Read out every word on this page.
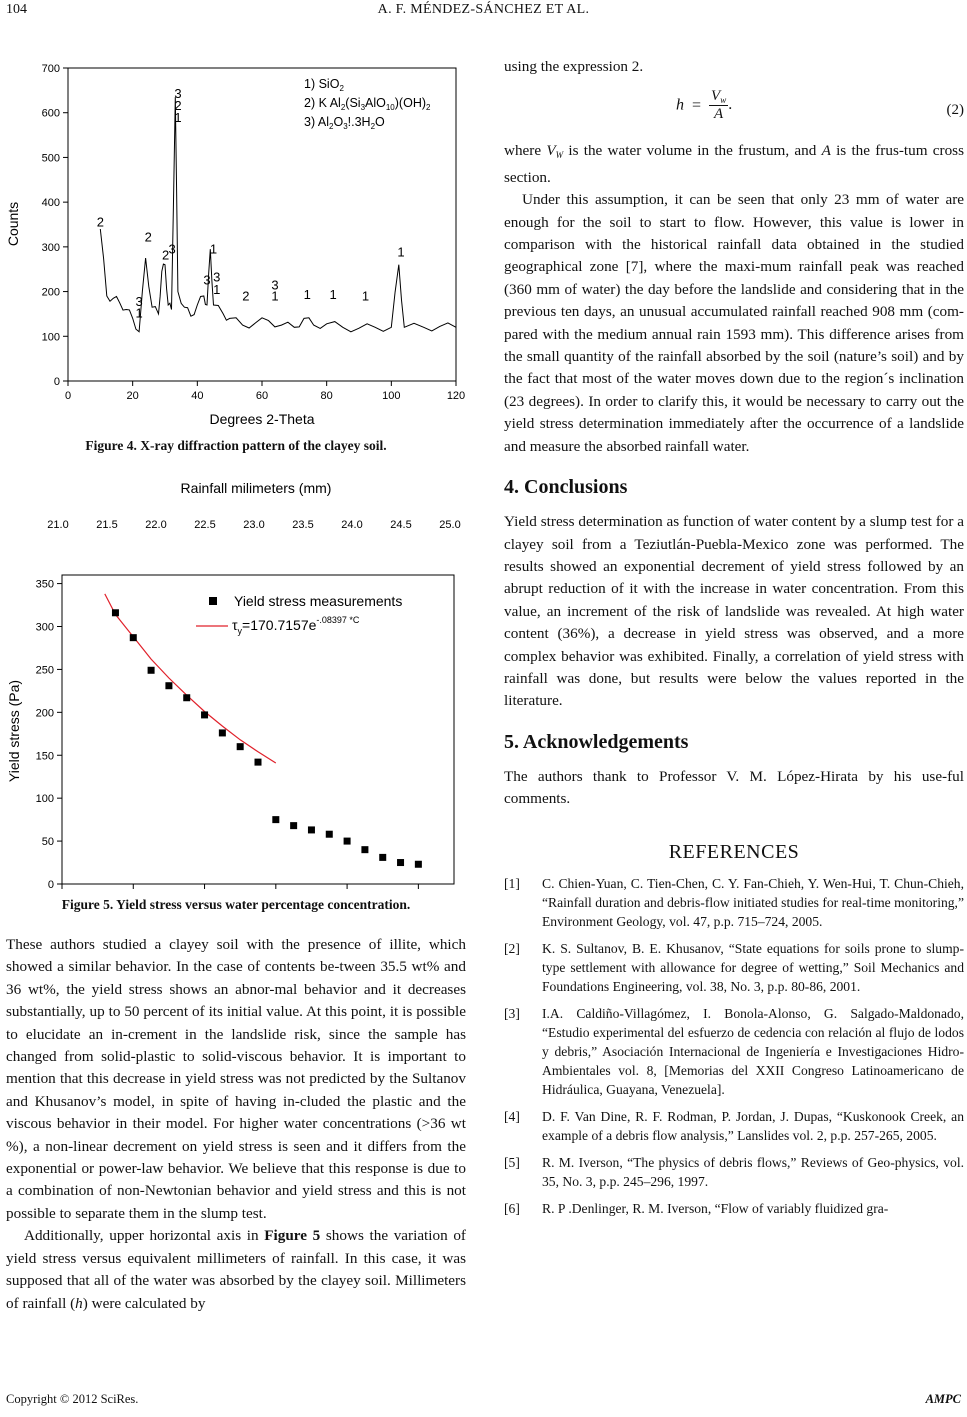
104	A. F. MÉNDEZ-SÁNCHEZ ET AL.
0
100
200
300
400
500
600
700
0	20	40	60	80	100	120
2
3
1
2
2 3
3
2
1
3
1
3
1 2
3
1 1 1 1
1
Counts
Degrees 2-Theta
1) SiO$_2$
2) K $Al_2(Si_3AlO_{10})(OH)_2$
3) $Al_2O_3!.3H_2O$
Figure 4. X-ray diffraction pattern of the clayey soil.
Rainfall milimeters (mm)
21.0	21.5	22.0	22.5	23.0	23.5	24.0	24.5	25.0
0
50
100
150
200
250
300
350
Yield stress measurements
$\tau_y=170.7157e^{-.08397 *C}$
Yield stress (Pa)
Figure 5. Yield stress versus water percentage concentration.

These authors studied a clayey soil with the presence of illite, which showed a similar behavior. In the case of contents be-tween 35.5 wt% and 36 wt%, the yield stress shows an abnor-mal behavior and it decreases substantially, up to 50 percent of its initial value. At this point, it is possible to elucidate an in-crement in the landslide risk, since the sample has changed from solid-plastic to solid-viscous behavior. It is important to mention that this decrease in yield stress was not predicted by the Sultanov and Khusanov’s model, in spite of having in-cluded the plastic and the viscous behavior in their model. For higher water concentrations (>36 wt %), a non-linear decrement on yield stress is seen and it differs from the exponential or power-law behavior. We believe that this response is due to a combination of non-Newtonian behavior and yield stress and this is not possible to separate them in the slump test.

Additionally, upper horizontal axis in Figure 5 shows the variation of yield stress versus equivalent millimeters of rainfall. In this case, it was supposed that all of the water was absorbed by the clayey soil. Millimeters of rainfall (h) were calculated by

using the expression 2.

$h = \frac{V_w}{A}$ .	(2)

where $V_W$ is the water volume in the frustum, and A is the frus-tum cross section.

Under this assumption, it can be seen that only 23 mm of water are enough for the soil to start to flow. However, this value is lower in comparison with the historical rainfall data obtained in the studied geographical zone [7], where the maxi-mum rainfall peak was reached (360 mm of water) the day before the landslide and considering that in the previous ten days, an unusual accumulated rainfall reached 908 mm (com-pared with the medium annual rain 1593 mm). This difference arises from the small quantity of the rainfall absorbed by the soil (nature’s soil) and by the fact that most of the water moves down due to the region´s inclination (23 degrees). In order to clarify this, it would be necessary to carry out the yield stress determination immediately after the occurrence of a landslide and measure the absorbed rainfall water.

4. Conclusions

Yield stress determination as function of water content by a slump test for a clayey soil from a Teziutlán-Puebla-Mexico zone was performed. The results showed an exponential decrement of yield stress followed by an abrupt reduction of it with the increase in water concentration. From this value, an increment of the risk of landslide was revealed. At high water content (36%), a decrease in yield stress was observed, and a more complex behavior was exhibited. Finally, a correlation of yield stress with rainfall was done, but results were below the values reported in the literature.

5. Acknowledgements

The authors thank to Professor V. M. López-Hirata by his use-ful comments.

REFERENCES
[1] C. Chien-Yuan, C. Tien-Chen, C. Y. Fan-Chieh, Y. Wen-Hui, T. Chun-Chieh, “Rainfall duration and debris-flow initiated studies for real-time monitoring,” Environment Geology, vol. 47, p.p. 715–724, 2005.
[2] K. S. Sultanov, B. E. Khusanov, “State equations for soils prone to slump-type settlement with allowance for degree of wetting,” Soil Mechanics and Foundations Engineering, vol. 38, No. 3, p.p. 80-86, 2001.
[3] I.A. Caldiño-Villagómez, I. Bonola-Alonso, G. Salgado-Maldonado, “Estudio experimental del esfuerzo de cedencia con relación al flujo de lodos y debris,” Asociación Internacional de Ingeniería e Investigaciones Hidro-Ambientales vol. 8, [Memorias del XXII Congreso Latinoamericano de Hidráulica, Guayana, Venezuela].
[4] D. F. Van Dine, R. F. Rodman, P. Jordan, J. Dupas, “Kuskonook Creek, an example of a debris flow analysis,” Lanslides vol. 2, p.p. 257-265, 2005.
[5] R. M. Iverson, “The physics of debris flows,” Reviews of Geo-physics, vol. 35, No. 3, p.p. 245–296, 1997.
[6] R. P .Denlinger, R. M. Iverson, “Flow of variably fluidized gra-
Copyright © 2012 SciRes.	AMPC
